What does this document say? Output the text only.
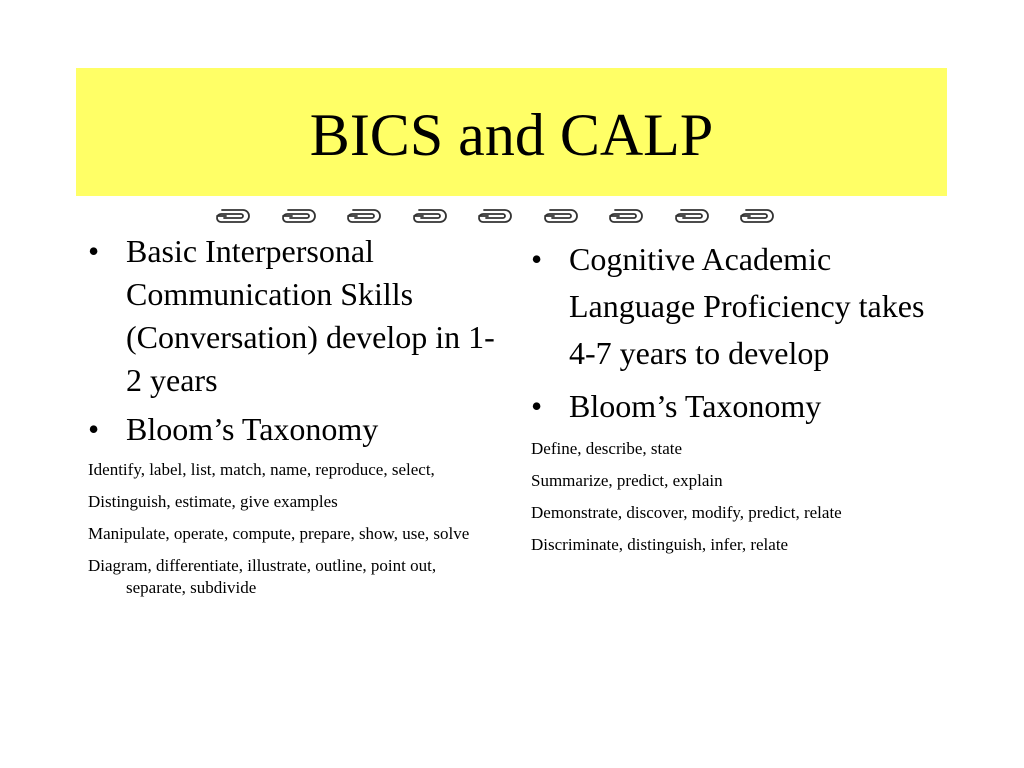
BICS and CALP
• Basic Interpersonal Communication Skills (Conversation) develop in 1-2 years
• Bloom’s Taxonomy

Identify, label, list, match, name, reproduce, select,

Distinguish, estimate, give examples

Manipulate, operate, compute, prepare, show, use, solve

Diagram, differentiate, illustrate, outline, point out, separate, subdivide

• Cognitive Academic Language Proficiency takes 4-7 years to develop
• Bloom’s Taxonomy

Define, describe, state

Summarize, predict, explain

Demonstrate, discover, modify, predict, relate

Discriminate, distinguish, infer, relate
